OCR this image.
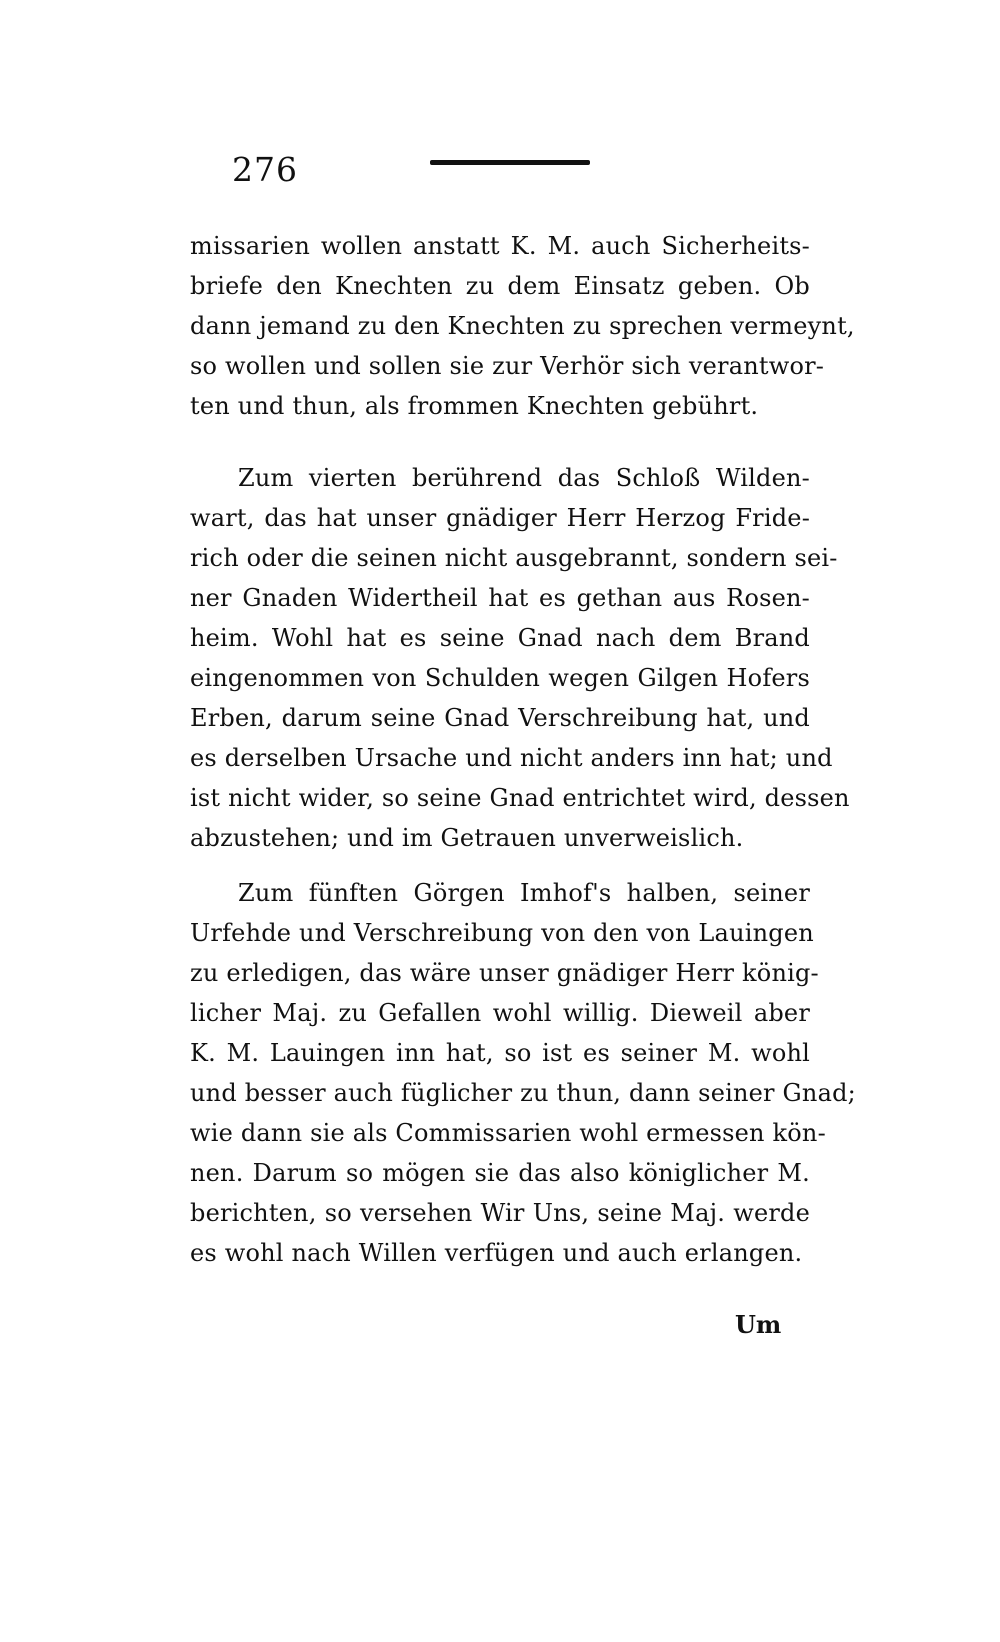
276
missarien wollen anstatt K. M. auch Sicherheits-
briefe den Knechten zu dem Einsatz geben. Ob
dann jemand zu den Knechten zu sprechen vermeynt,
so wollen und sollen sie zur Verhör sich verantwor-
ten und thun, als frommen Knechten gebührt.
Zum vierten berührend das Schloß Wilden-
wart, das hat unser gnädiger Herr Herzog Fride-
rich oder die seinen nicht ausgebrannt, sondern sei-
ner Gnaden Widertheil hat es gethan aus Rosen-
heim. Wohl hat es seine Gnad nach dem Brand
eingenommen von Schulden wegen Gilgen Hofers
Erben, darum seine Gnad Verschreibung hat, und
es derselben Ursache und nicht anders inn hat; und
ist nicht wider, so seine Gnad entrichtet wird, dessen
abzustehen; und im Getrauen unverweislich.
Zum fünften Görgen Imhof's halben, seiner
Urfehde und Verschreibung von den von Lauingen
zu erledigen, das wäre unser gnädiger Herr könig-
licher Maj. zu Gefallen wohl willig. Dieweil aber
K. M. Lauingen inn hat, so ist es seiner M. wohl
und besser auch füglicher zu thun, dann seiner Gnad;
wie dann sie als Commissarien wohl ermessen kön-
nen. Darum so mögen sie das also königlicher M.
berichten, so versehen Wir Uns, seine Maj. werde
es wohl nach Willen verfügen und auch erlangen.
Um
